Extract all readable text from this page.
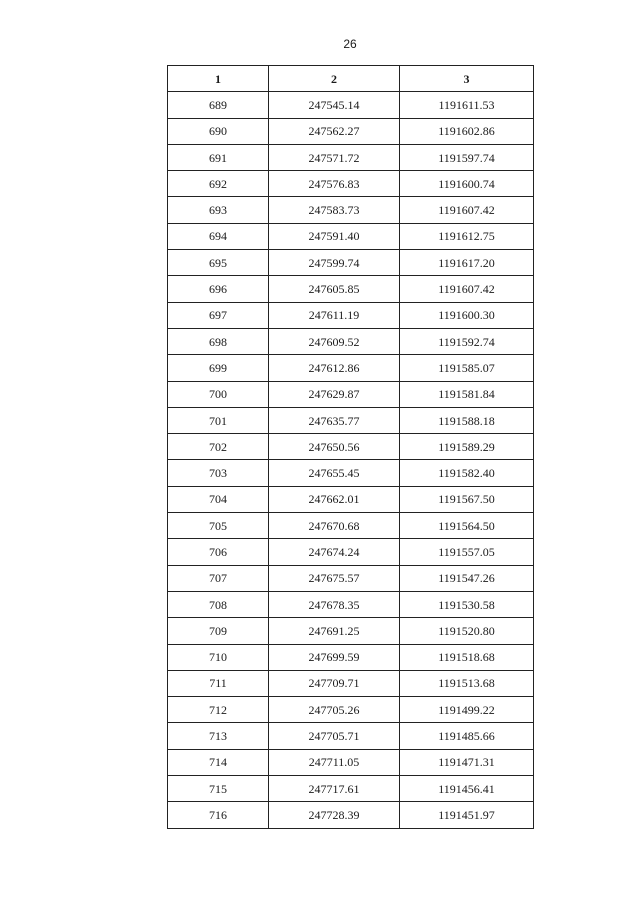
26
1	2	3
689	247545.14	1191611.53
690	247562.27	1191602.86
691	247571.72	1191597.74
692	247576.83	1191600.74
693	247583.73	1191607.42
694	247591.40	1191612.75
695	247599.74	1191617.20
696	247605.85	1191607.42
697	247611.19	1191600.30
698	247609.52	1191592.74
699	247612.86	1191585.07
700	247629.87	1191581.84
701	247635.77	1191588.18
702	247650.56	1191589.29
703	247655.45	1191582.40
704	247662.01	1191567.50
705	247670.68	1191564.50
706	247674.24	1191557.05
707	247675.57	1191547.26
708	247678.35	1191530.58
709	247691.25	1191520.80
710	247699.59	1191518.68
711	247709.71	1191513.68
712	247705.26	1191499.22
713	247705.71	1191485.66
714	247711.05	1191471.31
715	247717.61	1191456.41
716	247728.39	1191451.97
